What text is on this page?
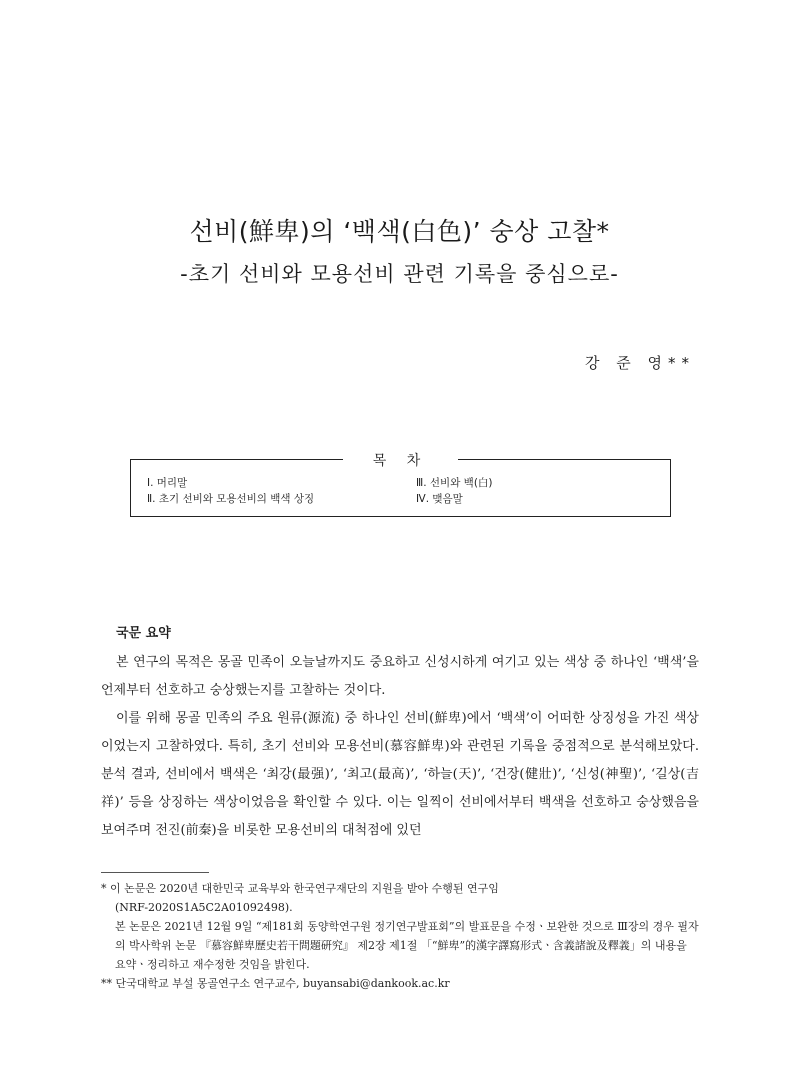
선비(鮮卑)의 ‘백색(白色)’ 숭상 고찰*
-초기 선비와 모용선비 관련 기록을 중심으로-
강 준 영**
목 차
Ⅰ. 머리말
Ⅱ. 초기 선비와 모용선비의 백색 상징
Ⅲ. 선비와 백(白)
Ⅳ. 맺음말
국문 요약

본 연구의 목적은 몽골 민족이 오늘날까지도 중요하고 신성시하게 여기고 있는 색상 중 하나인 ‘백색’을 언제부터 선호하고 숭상했는지를 고찰하는 것이다.

이를 위해 몽골 민족의 주요 원류(源流) 중 하나인 선비(鮮卑)에서 ‘백색’이 어떠한 상징성을 가진 색상이었는지 고찰하였다. 특히, 초기 선비와 모용선비(慕容鮮卑)와 관련된 기록을 중점적으로 분석해보았다. 분석 결과, 선비에서 백색은 ‘최강(最强)’, ‘최고(最高)’, ‘하늘(天)’, ‘건장(健壯)’, ‘신성(神聖)’, ‘길상(吉祥)’ 등을 상징하는 색상이었음을 확인할 수 있다. 이는 일찍이 선비에서부터 백색을 선호하고 숭상했음을 보여주며 전진(前秦)을 비롯한 모용선비의 대척점에 있던

* 이 논문은 2020년 대한민국 교육부와 한국연구재단의 지원을 받아 수행된 연구임

(NRF-2020S1A5C2A01092498).
본 논문은 2021년 12월 9일 “제181회 동양학연구원 정기연구발표회”의 발표문을 수정ㆍ보완한 것으로 Ⅲ장의 경우 필자의 박사학위 논문 『慕容鮮卑歷史若干問題硏究』 제2장 제1절 「“鮮卑”的漢字譯寫形式ㆍ含義諸說及釋義」의 내용을 요약ㆍ정리하고 재수정한 것임을 밝힌다.

** 단국대학교 부설 몽골연구소 연구교수, buyansabi@dankook.ac.kr
